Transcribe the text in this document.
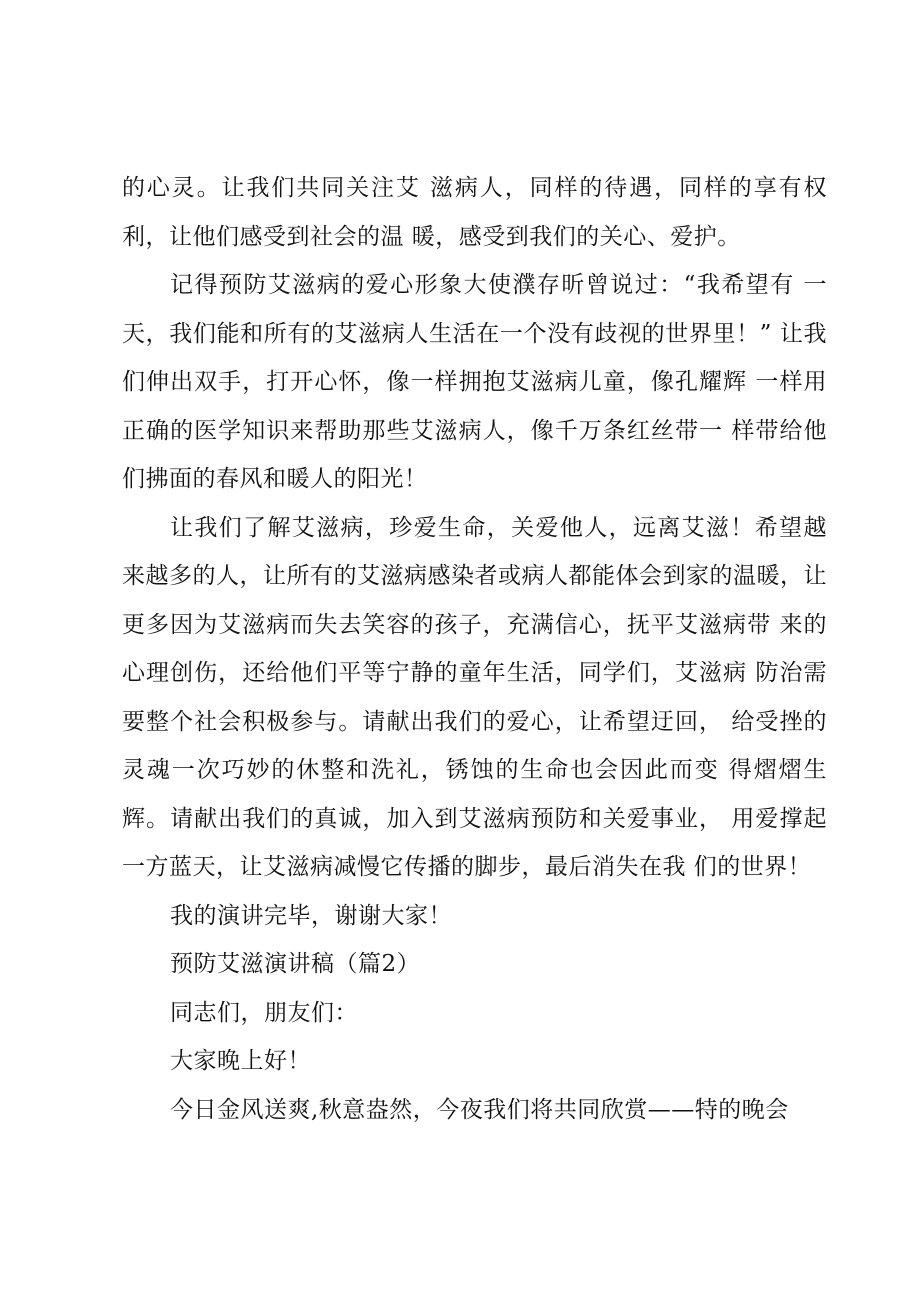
的心灵。让我们共同关注艾 滋病人，同样的待遇，同样的享有权利，让他们感受到社会的温 暖，感受到我们的关心、爱护。

记得预防艾滋病的爱心形象大使濮存昕曾说过：“我希望有 一天，我们能和所有的艾滋病人生活在一个没有歧视的世界里！” 让我们伸出双手，打开心怀，像一样拥抱艾滋病儿童，像孔耀辉 一样用正确的医学知识来帮助那些艾滋病人，像千万条红丝带一 样带给他们拂面的春风和暖人的阳光！

让我们了解艾滋病，珍爱生命，关爱他人，远离艾滋！希望越 来越多的人，让所有的艾滋病感染者或病人都能体会到家的温暖，让更多因为艾滋病而失去笑容的孩子，充满信心，抚平艾滋病带 来的心理创伤，还给他们平等宁静的童年生活，同学们，艾滋病 防治需要整个社会积极参与。请献出我们的爱心，让希望迂回， 给受挫的灵魂一次巧妙的休整和洗礼，锈蚀的生命也会因此而变 得熠熠生辉。请献出我们的真诚，加入到艾滋病预防和关爱事业， 用爱撑起一方蓝天，让艾滋病减慢它传播的脚步，最后消失在我 们的世界！

我的演讲完毕，谢谢大家！

预防艾滋演讲稿（篇2）

同志们，朋友们：

大家晚上好！

今日金风送爽,秋意盎然，今夜我们将共同欣赏——特的晚会
